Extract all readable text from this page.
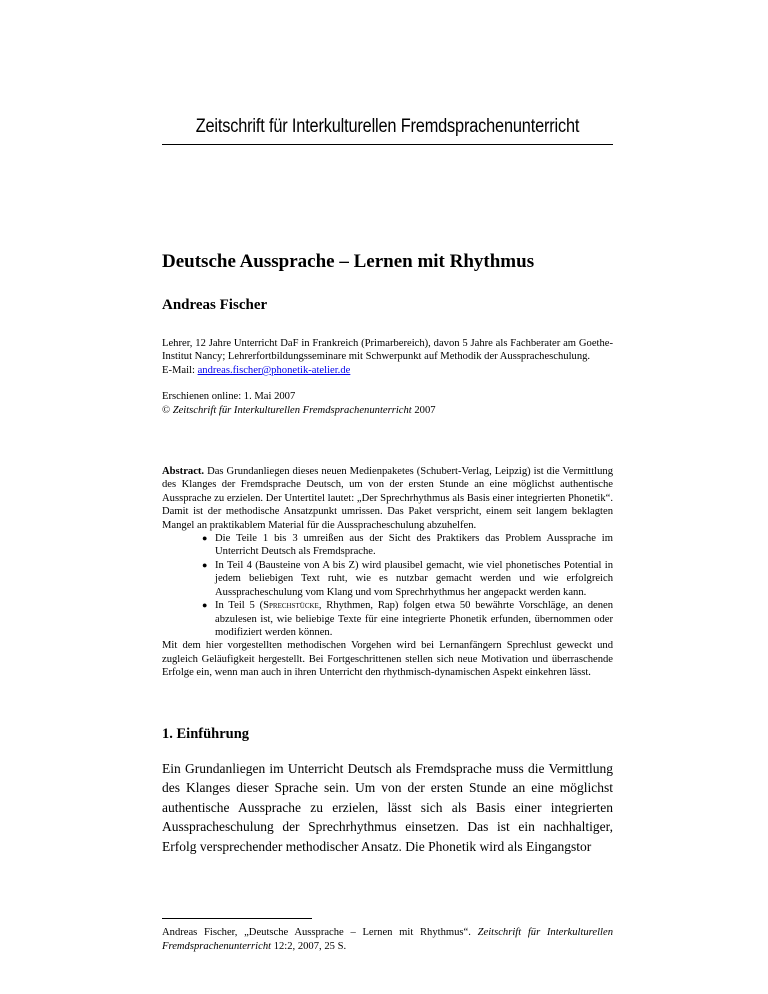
Zeitschrift für Interkulturellen Fremdsprachenunterricht
Deutsche Aussprache – Lernen mit Rhythmus
Andreas Fischer

Lehrer, 12 Jahre Unterricht DaF in Frankreich (Primarbereich), davon 5 Jahre als Fachberater am Goethe-Institut Nancy; Lehrerfortbildungsseminare mit Schwerpunkt auf Methodik der Ausspracheschulung.

E-Mail: andreas.fischer@phonetik-atelier.de

Erschienen online: 1. Mai 2007

© Zeitschrift für Interkulturellen Fremdsprachenunterricht 2007

Abstract. Das Grundanliegen dieses neuen Medienpaketes (Schubert-Verlag, Leipzig) ist die Vermittlung des Klanges der Fremdsprache Deutsch, um von der ersten Stunde an eine möglichst authentische Aussprache zu erzielen. Der Untertitel lautet: „Der Sprechrhythmus als Basis einer integrierten Phonetik“. Damit ist der methodische Ansatzpunkt umrissen. Das Paket verspricht, einem seit langem beklagten Mangel an praktikablem Material für die Ausspracheschulung abzuhelfen.

● Die Teile 1 bis 3 umreißen aus der Sicht des Praktikers das Problem Aussprache im Unterricht Deutsch als Fremdsprache.
● In Teil 4 (Bausteine von A bis Z) wird plausibel gemacht, wie viel phonetisches Potential in jedem beliebigen Text ruht, wie es nutzbar gemacht werden und wie erfolgreich Ausspracheschulung vom Klang und vom Sprechrhythmus her angepackt werden kann.
● In Teil 5 (Sprechstücke, Rhythmen, Rap) folgen etwa 50 bewährte Vorschläge, an denen abzulesen ist, wie beliebige Texte für eine integrierte Phonetik erfunden, übernommen oder modifiziert werden können.

Mit dem hier vorgestellten methodischen Vorgehen wird bei Lernanfängern Sprechlust geweckt und zugleich Geläufigkeit hergestellt. Bei Fortgeschrittenen stellen sich neue Motivation und überraschende Erfolge ein, wenn man auch in ihren Unterricht den rhythmisch-dynamischen Aspekt einkehren lässt.

1. Einführung

Ein Grundanliegen im Unterricht Deutsch als Fremdsprache muss die Vermittlung des Klanges dieser Sprache sein. Um von der ersten Stunde an eine möglichst authentische Aussprache zu erzielen, lässt sich als Basis einer integrierten Ausspracheschulung der Sprechrhythmus einsetzen. Das ist ein nachhaltiger, Erfolg versprechender methodischer Ansatz. Die Phonetik wird als Eingangstor

Andreas Fischer, „Deutsche Aussprache – Lernen mit Rhythmus“. Zeitschrift für Interkulturellen Fremdsprachenunterricht 12:2, 2007, 25 S.
